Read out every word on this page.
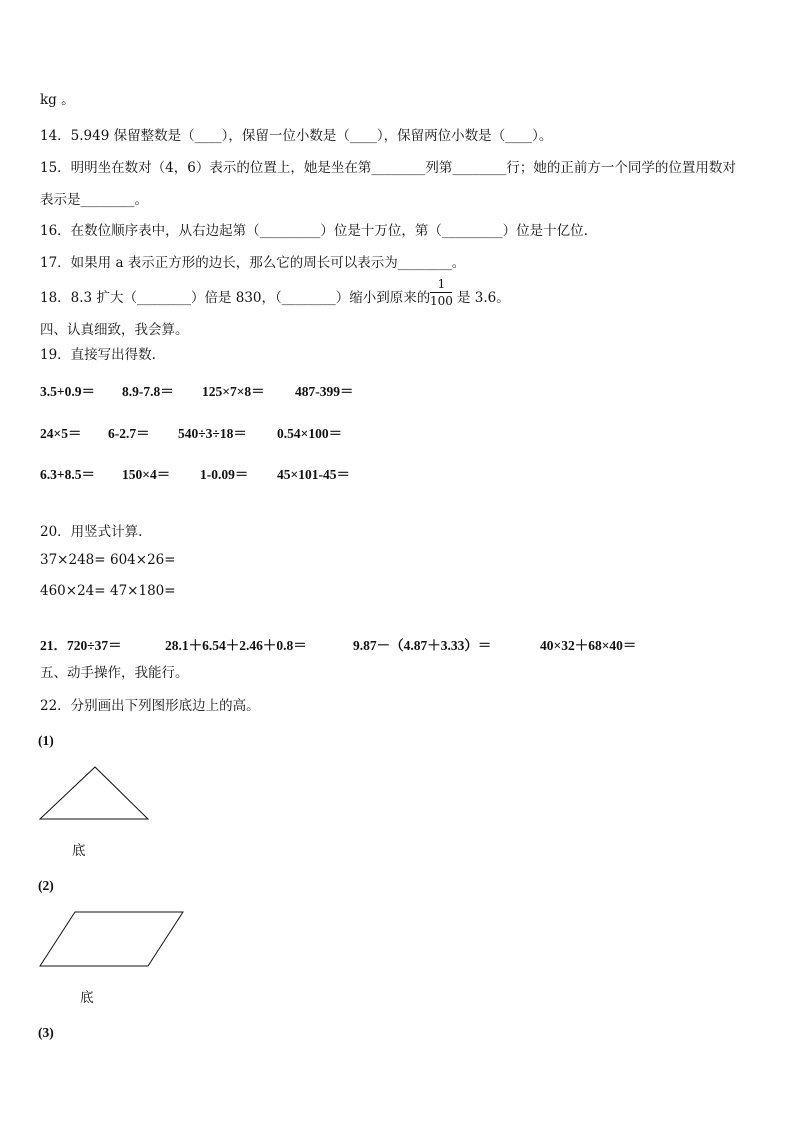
kg 。
14．5.949 保留整数是（____），保留一位小数是（____），保留两位小数是（____）。
15．明明坐在数对（4，6）表示的位置上，她是坐在第________列第________行；她的正前方一个同学的位置用数对
表示是________。
16．在数位顺序表中，从右边起第（_________）位是十万位，第（_________）位是十亿位.
17．如果用 a 表示正方形的边长，那么它的周长可以表示为________。
18．8.3 扩大（________）倍是 830，（________）缩小到原来的
1
100 是 3.6。
四、认真细致，我会算。
19．直接写出得数.
3.5+0.9＝ 8.9-7.8＝ 125×7×8＝ 487-399＝
24×5＝ 6-2.7＝ 540÷3÷18＝ 0.54×100＝
6.3+8.5＝ 150×4＝ 1-0.09＝ 45×101-45＝
20．用竖式计算.
37×248= 604×26=
460×24= 47×180=
21．720÷37＝	28.1＋6.54＋2.46＋0.8＝	9.87－（4.87＋3.33）＝	40×32＋68×40＝
五、动手操作，我能行。
22．分别画出下列图形底边上的高。
(1)
底
(2)
底
(3)
